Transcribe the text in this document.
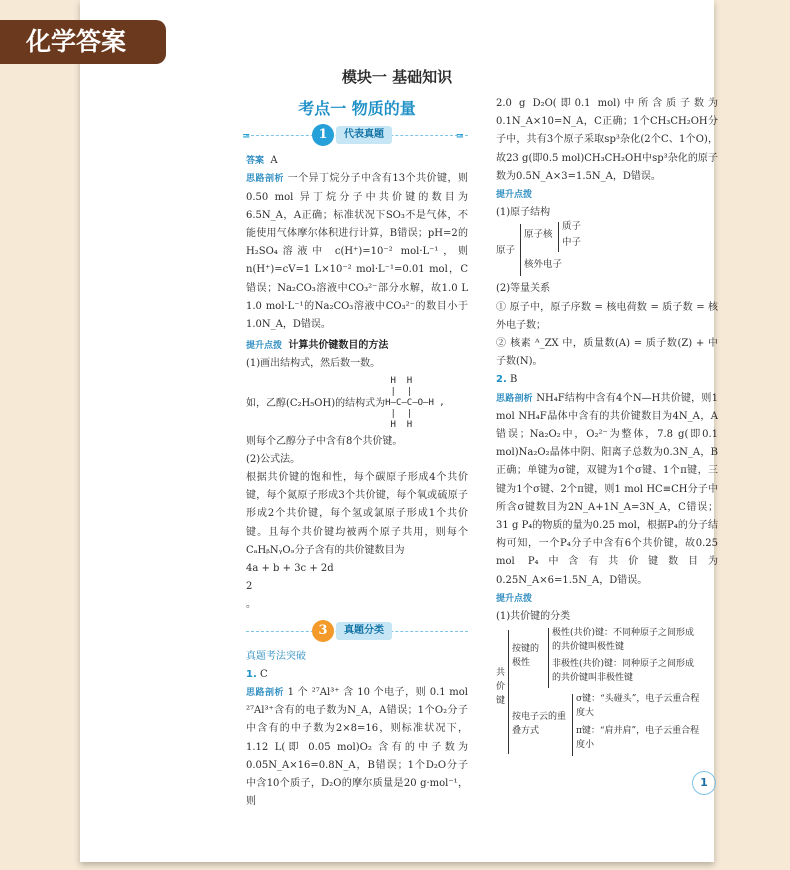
模块一 基础知识
考点一 物质的量
=	1	代表真题	=

答案 A

思路剖析 一个异丁烷分子中含有13个共价键，则 0.50 mol 异丁烷分子中共价键的数目为 6.5N_A，A正确；标准状况下SO₃不是气体，不能使用气体摩尔体积进行计算，B错误；pH=2的H₂SO₄溶液中 c(H⁺)=10⁻² mol·L⁻¹，则 n(H⁺)=cV=1 L×10⁻² mol·L⁻¹=0.01 mol，C 错误；Na₂CO₃溶液中CO₃²⁻部分水解，故1.0 L 1.0 mol·L⁻¹的Na₂CO₃溶液中CO₃²⁻的数目小于1.0N_A，D错误。

提升点拨 计算共价键数目的方法

(1)画出结构式，然后数一数。

如，乙醇(C₂H₅OH)的结构式为 H  H
|  |
H—C—C—O—H ,
|  |
H  H

则每个乙醇分子中含有8个共价键。

(2)公式法。

根据共价键的饱和性，每个碳原子形成4个共价键，每个氮原子形成3个共价键，每个氧或硫原子形成2个共价键，每个氢或氯原子形成1个共价键。且每个共价键均被两个原子共用，则每个CₐHᵦNᵧOₔ分子含有的共价键数目为

4a + b + 3c + 2d
2
。

3	真题分类

真题考法突破

1. C

思路剖析 1 个 ²⁷Al³⁺ 含 10 个电子，则 0.1 mol ²⁷Al³⁺含有的电子数为N_A，A错误；1个O₂分子中含有的中子数为2×8=16，则标准状况下，1.12 L(即 0.05 mol)O₂ 含有的中子数为 0.05N_A×16=0.8N_A，B错误；1个D₂O分子中含10个质子，D₂O的摩尔质量是20 g·mol⁻¹，则

2.0 g D₂O(即0.1 mol)中所含质子数为0.1N_A×10=N_A，C正确；1个CH₃CH₂OH分子中，共有3个原子采取sp³杂化(2个C、1个O)，故23 g(即0.5 mol)CH₃CH₂OH中sp³杂化的原子数为0.5N_A×3=1.5N_A，D错误。

提升点拨

(1)原子结构

原子
原子核
质子
中子
核外电子

(2)等量关系

① 原子中，原子序数 = 核电荷数 = 质子数 = 核外电子数；

② 核素 ᴬ_ZX 中，质量数(A) = 质子数(Z) + 中子数(N)。

2. B

思路剖析 NH₄F结构中含有4个N—H共价键，则1 mol NH₄F晶体中含有的共价键数目为4N_A，A错误；Na₂O₂中，O₂²⁻为整体，7.8 g(即0.1 mol)Na₂O₂晶体中阴、阳离子总数为0.3N_A，B正确；单键为σ键，双键为1个σ键、1个π键，三键为1个σ键、2个π键，则1 mol HC≡CH分子中所含σ键数目为2N_A+1N_A=3N_A，C错误；31 g P₄的物质的量为0.25 mol，根据P₄的分子结构可知，一个P₄分子中含有6个共价键，故0.25 mol P₄中含有共价键数目为0.25N_A×6=1.5N_A，D错误。

提升点拨

(1)共价键的分类

共价键
按键的极性
极性(共价)键：不同种原子之间形成的共价键叫极性键
非极性(共价)键：同种原子之间形成的共价键叫非极性键
按电子云的重叠方式
σ键：“头碰头”，电子云重合程度大
π键：“肩并肩”，电子云重合程度小
1
化学答案
